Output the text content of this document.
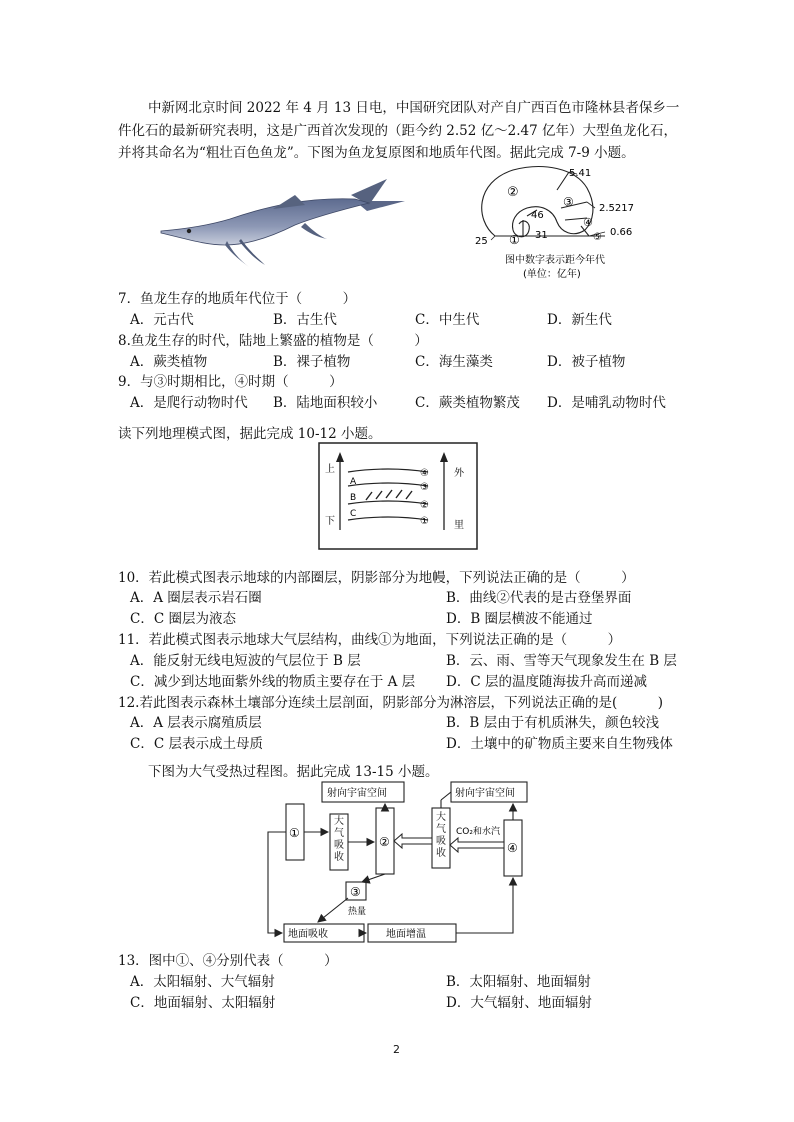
中新网北京时间 2022 年 4 月 13 日电，中国研究团队对产自广西百色市隆林县者保乡一
件化石的最新研究表明，这是广西首次发现的（距今约 2.52 亿～2.47 亿年）大型鱼龙化石，
并将其命名为“粗壮百色鱼龙”。下图为鱼龙复原图和地质年代图。据此完成 7-9 小题。
5.41
2.5217
0.66
46
31
25
②
③
④
⑤
①
图中数字表示距今年代
(单位：亿年)
7．鱼龙生存的地质年代位于（　　　）
A．元古代	B．古生代	C．中生代	D．新生代
8.鱼龙生存的时代，陆地上繁盛的植物是（　　　）
A．蕨类植物	B．裸子植物	C．海生藻类	D．被子植物
9．与③时期相比，④时期（　　　）
A．是爬行动物时代 B．陆地面积较小	C．蕨类植物繁茂 D．是哺乳动物时代
读下列地理模式图，据此完成 10-12 小题。
上
下
外
里
A
B
C
④
③
②
①
10．若此模式图表示地球的内部圈层，阴影部分为地幔，下列说法正确的是（　　　）
A．A 圈层表示岩石圈	B．曲线②代表的是古登堡界面
C．C 圈层为液态	D．B 圈层横波不能通过
11．若此模式图表示地球大气层结构，曲线①为地面，下列说法正确的是（　　　）
A．能反射无线电短波的气层位于 B 层	B．云、雨、雪等天气现象发生在 B 层
C．减少到达地面紫外线的物质主要存在于 A 层 D．C 层的温度随海拔升高而递减
12.若此图表示森林土壤部分连续土层剖面，阴影部分为淋溶层，下列说法正确的是(　　　)
A．A 层表示腐殖质层	B．B 层由于有机质淋失，颜色较浅
C．C 层表示成土母质	D．土壤中的矿物质主要来自生物残体
下图为大气受热过程图。据此完成 13-15 小题。
射向宇宙空间	射向宇宙空间
①
②
③
④
CO₂和水汽
热量
地面吸收	地面增温
大气吸收
大气吸收
13．图中①、④分别代表（　　　）
A．太阳辐射、大气辐射	B．太阳辐射、地面辐射
C．地面辐射、太阳辐射	D．大气辐射、地面辐射
2
